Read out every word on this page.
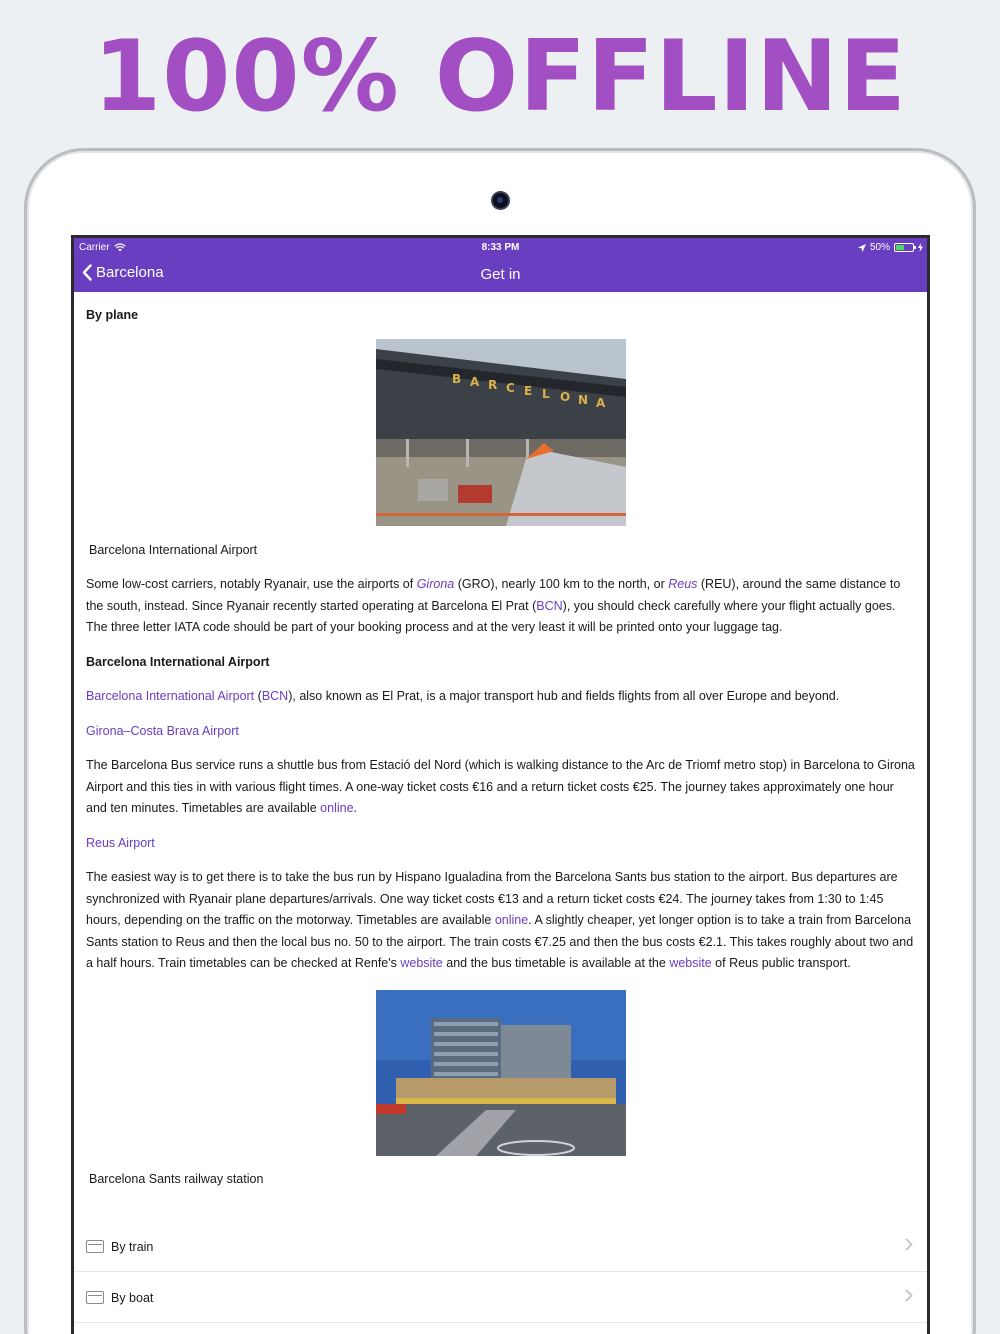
100% OFFLINE
Carrier	8:33 PM	50%
Barcelona	Get in
By plane
B A R C E L O N A

Barcelona International Airport

Some low-cost carriers, notably Ryanair, use the airports of Girona (GRO), nearly 100 km to the north, or Reus (REU), around the same distance to the south, instead. Since Ryanair recently started operating at Barcelona El Prat (BCN), you should check carefully where your flight actually goes. The three letter IATA code should be part of your booking process and at the very least it will be printed onto your luggage tag.

Barcelona International Airport

Barcelona International Airport (BCN), also known as El Prat, is a major transport hub and fields flights from all over Europe and beyond.

Girona–Costa Brava Airport

The Barcelona Bus service runs a shuttle bus from Estació del Nord (which is walking distance to the Arc de Triomf metro stop) in Barcelona to Girona Airport and this ties in with various flight times. A one-way ticket costs €16 and a return ticket costs €25. The journey takes approximately one hour and ten minutes. Timetables are available online.

Reus Airport

The easiest way is to get there is to take the bus run by Hispano Igualadina from the Barcelona Sants bus station to the airport. Bus departures are synchronized with Ryanair plane departures/arrivals. One way ticket costs €13 and a return ticket costs €24. The journey takes from 1:30 to 1:45 hours, depending on the traffic on the motorway. Timetables are available online. A slightly cheaper, yet longer option is to take a train from Barcelona Sants station to Reus and then the local bus no. 50 to the airport. The train costs €7.25 and then the bus costs €2.1. This takes roughly about two and a half hours. Train timetables can be checked at Renfe's website and the bus timetable is available at the website of Reus public transport.

Barcelona Sants railway station

By train
By boat
